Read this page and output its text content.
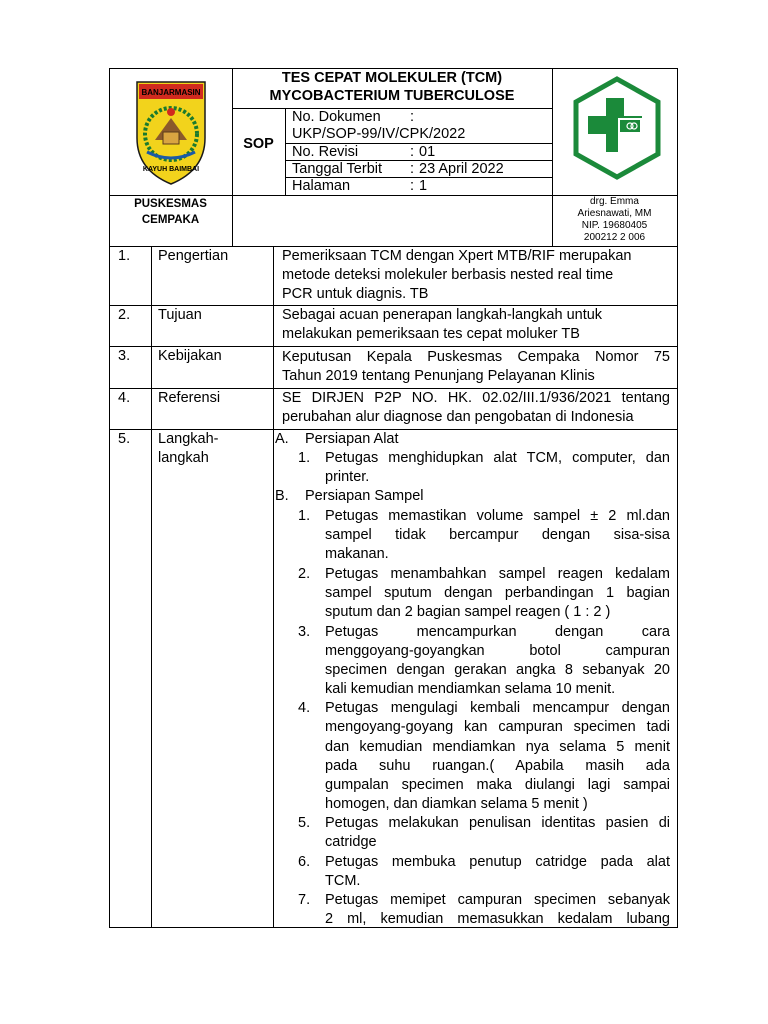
BANJARMASIN
KAYUH BAIMBAI
TES CEPAT MOLEKULER (TCM)
MYCOBACTERIUM TUBERCULOSE
SOP
No. Dokumen :
UKP/SOP-99/IV/CPK/2022
No. Revisi	: 01
Tanggal Terbit : 23 April 2022
Halaman	: 1
PUSKESMAS
CEMPAKA
drg. Emma
Ariesnawati, MM
NIP. 19680405
200212 2 006
1. Pengertian	Pemeriksaan TCM dengan Xpert MTB/RIF merupakan
metode deteksi molekuler berbasis nested real time
PCR untuk diagnis. TB
2. Tujuan	Sebagai acuan penerapan langkah-langkah untuk
melakukan pemeriksaan tes cepat moluker TB
3. Kebijakan	Keputusan Kepala Puskesmas Cempaka Nomor 75
Tahun 2019 tentang Penunjang Pelayanan Klinis
4. Referensi	SE DIRJEN P2P NO. HK. 02.02/III.1/936/2021 tentang
perubahan alur diagnose dan pengobatan di Indonesia
5. Langkah-
langkah
A. Persiapan Alat
1. Petugas menghidupkan alat TCM, computer, dan
printer.
B. Persiapan Sampel
1. Petugas memastikan volume sampel ± 2 ml.dan
sampel tidak bercampur dengan sisa-sisa
makanan.
2. Petugas menambahkan sampel reagen kedalam
sampel sputum dengan perbandingan 1 bagian
sputum dan 2 bagian sampel reagen ( 1 : 2 )
3. Petugas mencampurkan dengan cara
menggoyang-goyangkan botol campuran
specimen dengan gerakan angka 8 sebanyak 20
kali kemudian mendiamkan selama 10 menit.
4. Petugas mengulagi kembali mencampur dengan
mengoyang-goyang kan campuran specimen tadi
dan kemudian mendiamkan nya selama 5 menit
pada suhu ruangan.( Apabila masih ada
gumpalan specimen maka diulangi lagi sampai
homogen, dan diamkan selama 5 menit )
5. Petugas melakukan penulisan identitas pasien di
catridge
6. Petugas membuka penutup catridge pada alat
TCM.
7. Petugas memipet campuran specimen sebanyak
2 ml, kemudian memasukkan kedalam lubang
